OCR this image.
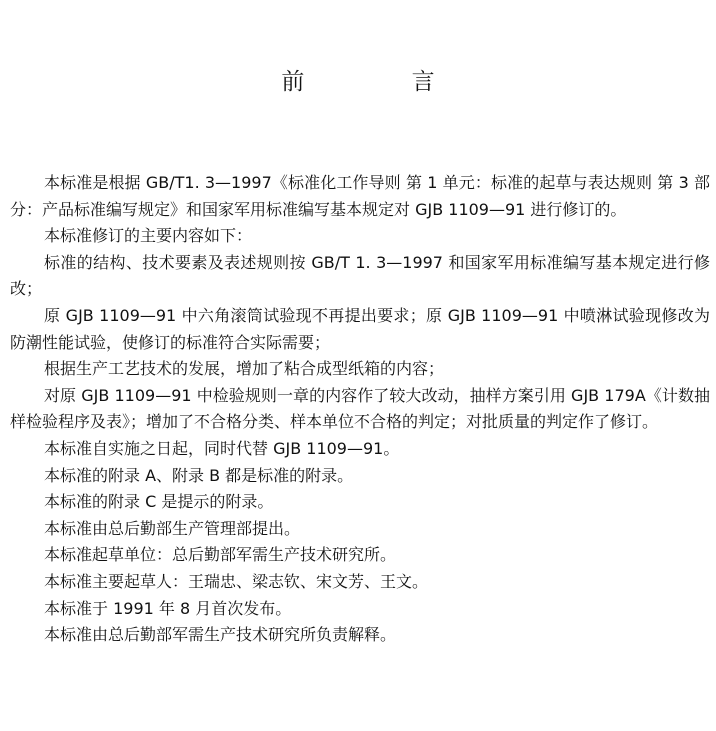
前 言

本标准是根据 GB/T1. 3—1997《标准化工作导则 第 1 单元：标准的起草与表达规则 第 3 部分：产品标准编写规定》和国家军用标准编写基本规定对 GJB 1109—91 进行修订的。

本标准修订的主要内容如下：

标准的结构、技术要素及表述规则按 GB/T 1. 3—1997 和国家军用标准编写基本规定进行修改；

原 GJB 1109—91 中六角滚筒试验现不再提出要求；原 GJB 1109—91 中喷淋试验现修改为防潮性能试验，使修订的标准符合实际需要；

根据生产工艺技术的发展，增加了粘合成型纸箱的内容；

对原 GJB 1109—91 中检验规则一章的内容作了较大改动，抽样方案引用 GJB 179A《计数抽样检验程序及表》；增加了不合格分类、样本单位不合格的判定；对批质量的判定作了修订。

本标准自实施之日起，同时代替 GJB 1109—91。

本标准的附录 A、附录 B 都是标准的附录。

本标准的附录 C 是提示的附录。

本标准由总后勤部生产管理部提出。

本标准起草单位：总后勤部军需生产技术研究所。

本标准主要起草人：王瑞忠、梁志钦、宋文芳、王文。

本标准于 1991 年 8 月首次发布。

本标准由总后勤部军需生产技术研究所负责解释。
